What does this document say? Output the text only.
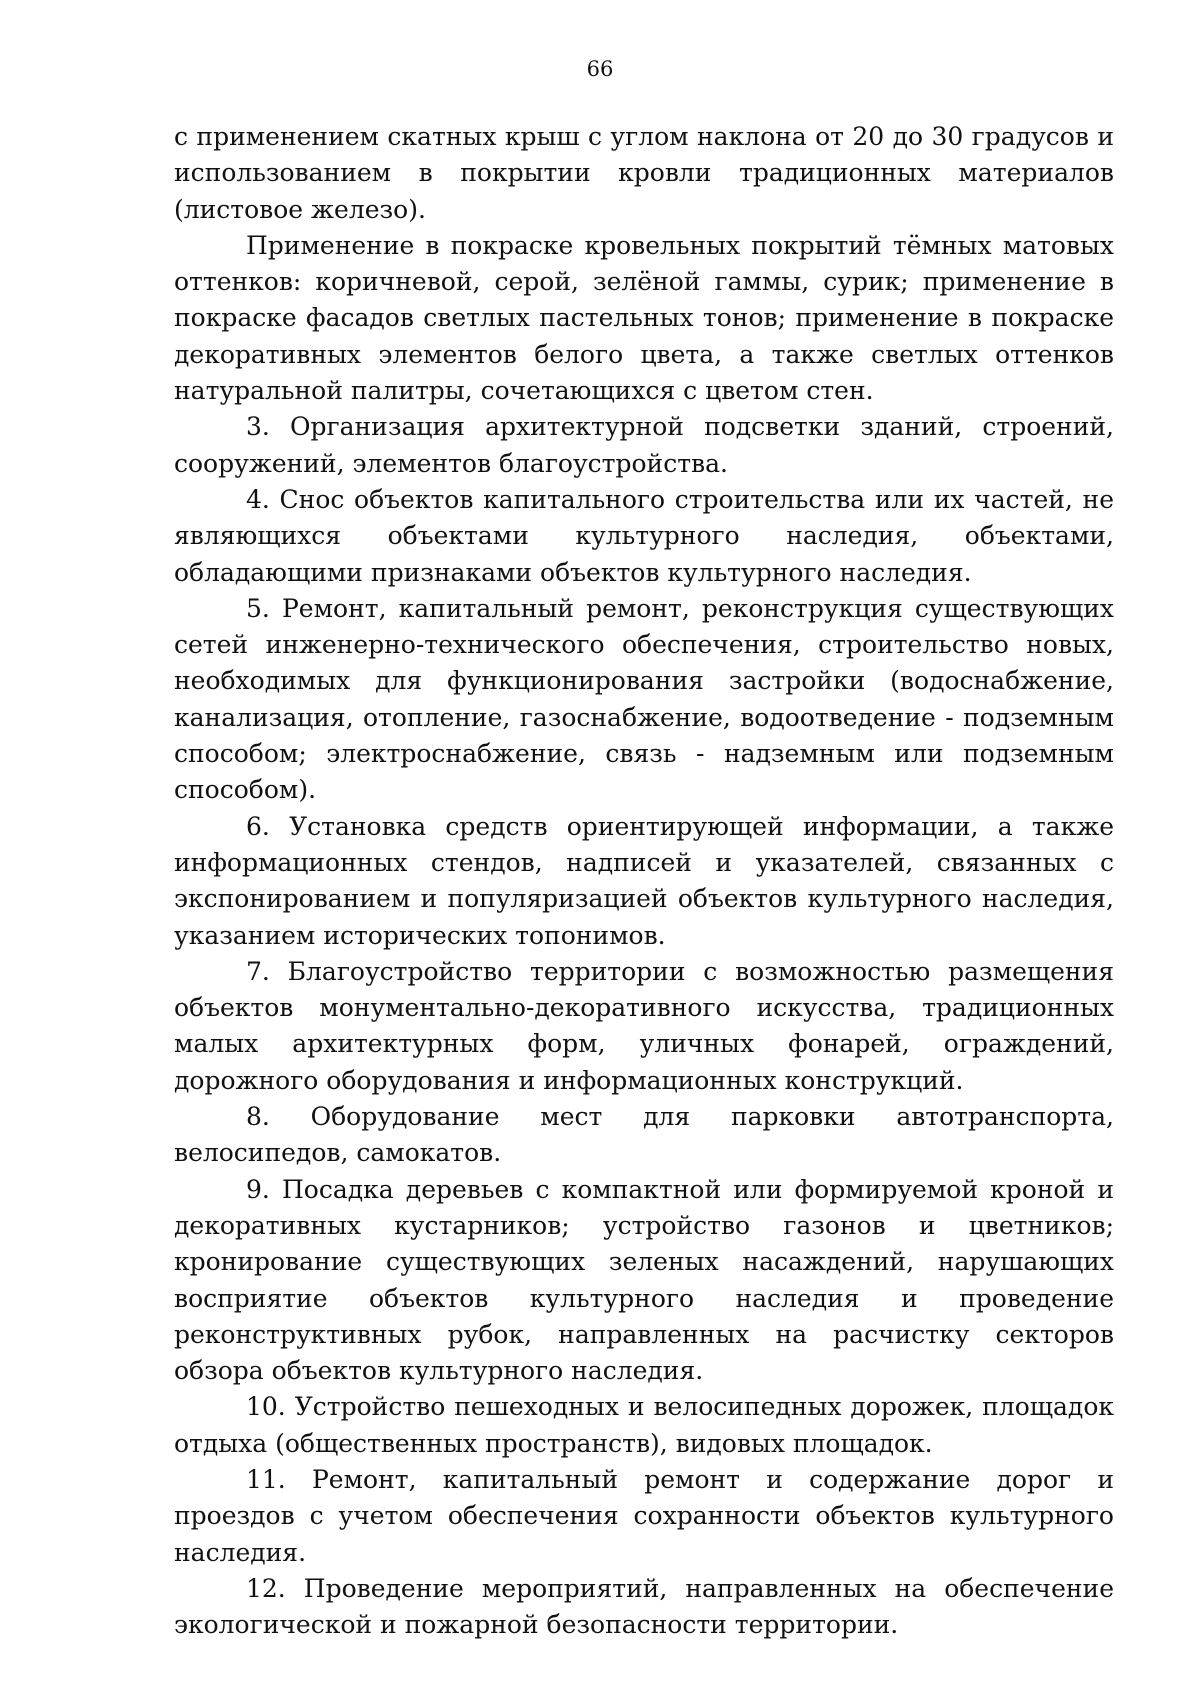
66

с применением скатных крыш с углом наклона от 20 до 30 градусов и использованием в покрытии кровли традиционных материалов (листовое железо).

Применение в покраске кровельных покрытий тёмных матовых оттенков: коричневой, серой, зелёной гаммы, сурик; применение в покраске фасадов светлых пастельных тонов; применение в покраске декоративных элементов белого цвета, а также светлых оттенков натуральной палитры, сочетающихся с цветом стен.

3. Организация архитектурной подсветки зданий, строений, сооружений, элементов благоустройства.

4. Снос объектов капитального строительства или их частей, не являющихся объектами культурного наследия, объектами, обладающими признаками объектов культурного наследия.

5. Ремонт, капитальный ремонт, реконструкция существующих сетей инженерно-технического обеспечения, строительство новых, необходимых для функционирования застройки (водоснабжение, канализация, отопление, газоснабжение, водоотведение - подземным способом; электроснабжение, связь - надземным или подземным способом).

6. Установка средств ориентирующей информации, а также информационных стендов, надписей и указателей, связанных с экспонированием и популяризацией объектов культурного наследия, указанием исторических топонимов.

7. Благоустройство территории с возможностью размещения объектов монументально-декоративного искусства, традиционных малых архитектурных форм, уличных фонарей, ограждений, дорожного оборудования и информационных конструкций.

8. Оборудование мест для парковки автотранспорта, велосипедов, самокатов.

9. Посадка деревьев с компактной или формируемой кроной и декоративных кустарников; устройство газонов и цветников; кронирование существующих зеленых насаждений, нарушающих восприятие объектов культурного наследия и проведение реконструктивных рубок, направленных на расчистку секторов обзора объектов культурного наследия.

10. Устройство пешеходных и велосипедных дорожек, площадок отдыха (общественных пространств), видовых площадок.

11. Ремонт, капитальный ремонт и содержание дорог и проездов с учетом обеспечения сохранности объектов культурного наследия.

12. Проведение мероприятий, направленных на обеспечение экологической и пожарной безопасности территории.
